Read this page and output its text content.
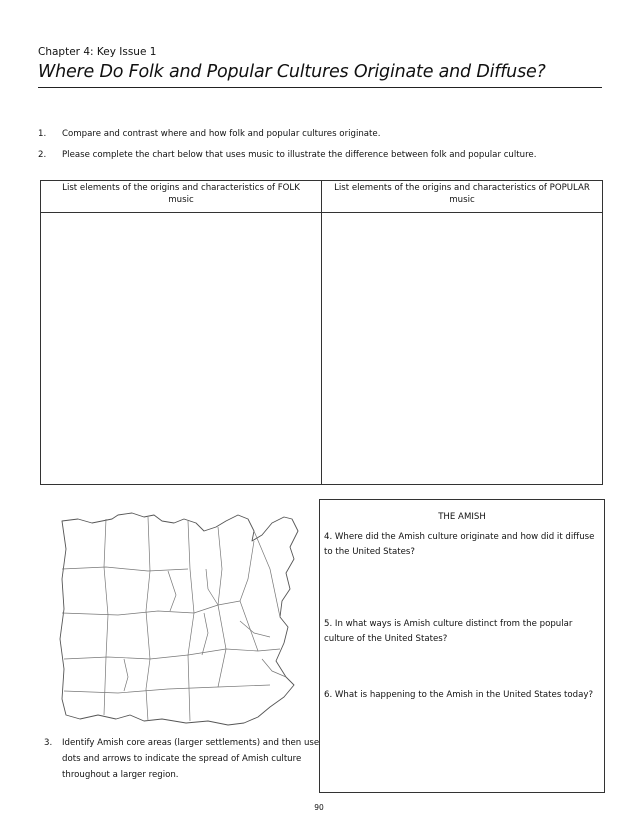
Chapter 4: Key Issue 1
Where Do Folk and Popular Cultures Originate and Diffuse?
1. Compare and contrast where and how folk and popular cultures originate.
2. Please complete the chart below that uses music to illustrate the difference between folk and popular culture.
List elements of the origins and characteristics of FOLK music	List elements of the origins and characteristics of POPULAR music

3. Identify Amish core areas (larger settlements) and then use dots and arrows to indicate the spread of Amish culture throughout a larger region.
THE AMISH
4. Where did the Amish culture originate and how did it diffuse to the United States?
5. In what ways is Amish culture distinct from the popular culture of the United States?
6. What is happening to the Amish in the United States today?
90
